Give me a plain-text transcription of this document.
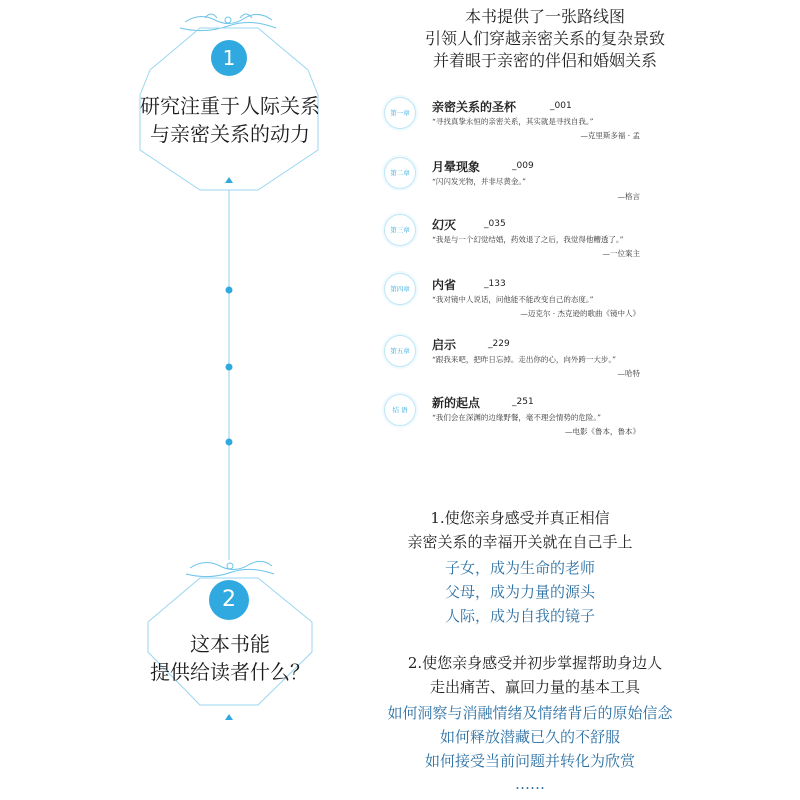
1
研究注重于人际关系
与亲密关系的动力
2
这本书能
提供给读者什么？
本书提供了一张路线图
引领人们穿越亲密关系的复杂景致
并着眼于亲密的伴侣和婚姻关系
第一章	亲密关系的圣杯	_001
“寻找真挚永恒的亲密关系，其实就是寻找自我。”
—克里斯多福 · 孟
第二章	月晕现象	_009
“闪闪发光物，并非尽黄金。”
—格言
第三章	幻灭	_035
“我是与一个幻觉结婚，药效退了之后，我觉得他糟透了。”
—一位案主
第四章	内省	_133
“我对镜中人说话，问他能不能改变自己的态度。”
—迈克尔 · 杰克逊的歌曲《镜中人》
第五章	启示	_229
“跟我来吧，把昨日忘掉。走出你的心，向外跨一大步。”
—哈特
结 语	新的起点	_251
“我们会在深渊的边缘野餐，毫不理会情势的危险。”
—电影《鲁本，鲁本》
1.使您亲身感受并真正相信
亲密关系的幸福开关就在自己手上
子女，成为生命的老师
父母，成为力量的源头
人际，成为自我的镜子
2.使您亲身感受并初步掌握帮助身边人
走出痛苦、赢回力量的基本工具
如何洞察与消融情绪及情绪背后的原始信念
如何释放潜藏已久的不舒服
如何接受当前问题并转化为欣赏
……
